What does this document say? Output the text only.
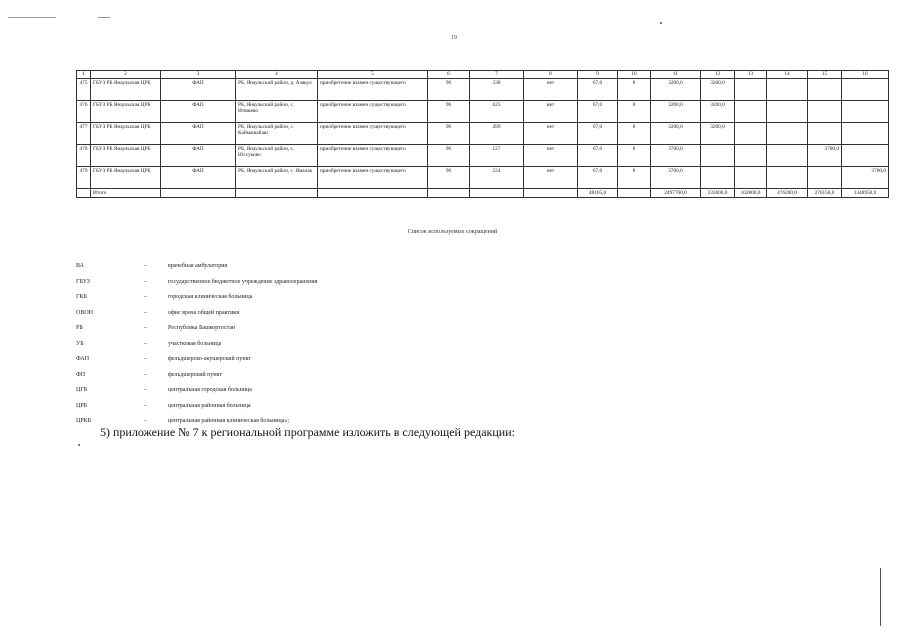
19
1	2	3	4	5	6	7	8	9	10	11	12	13	14	15	16
475	ГБУЗ РБ Янаульская ЦРБ	ФАП	РБ, Янаульский район, д. Азякул	приобретение взамен существующего	96	338	нет	67,0	8	3200,0	3200,0				
476	ГБУЗ РБ Янаульская ЦРБ	ФАП	РБ, Янаульский район, с. Итяшево	приобретение взамен существующего	96	625	нет	67,0	8	3200,0	3200,0				
477	ГБУЗ РБ Янаульская ЦРБ	ФАП	РБ, Янаульский район, с. Каймашабаш	приобретение взамен существующего	96	499	нет	67,0	8	3200,0	3200,0				
478	ГБУЗ РБ Янаульская ЦРБ	ФАП	РБ, Янаульский район, с. Юссуково	приобретение взамен существующего	96	127	нет	67,0	8	3700,0				3700,0	
479	ГБУЗ РБ Янаульская ЦРБ	ФАП	РБ, Янаульский район, с. Ямалак	приобретение взамен существующего	96	224	нет	67,0	8	3700,0					3700,0
	Итого							48165,0		2497700,0	233600,0	162800,0	476200,0	276150,0	1348950,0
Список используемых сокращений
ВА	–	врачебная амбулатория
ГБУЗ	–	государственное бюджетное учреждение здравоохранения
ГКБ	–	городская клиническая больница
ОВОП	–	офис врача общей практики
РБ	–	Республика Башкортостан
УБ	–	участковая больница
ФАП	–	фельдшерско-акушерский пункт
ФП	–	фельдшерский пункт
ЦГБ	–	центральная городская больница
ЦРБ	–	центральная районная больница
ЦРКБ	–	центральная районная клиническая больница»;
5) приложение № 7 к региональной программе изложить в следующей редакции:
